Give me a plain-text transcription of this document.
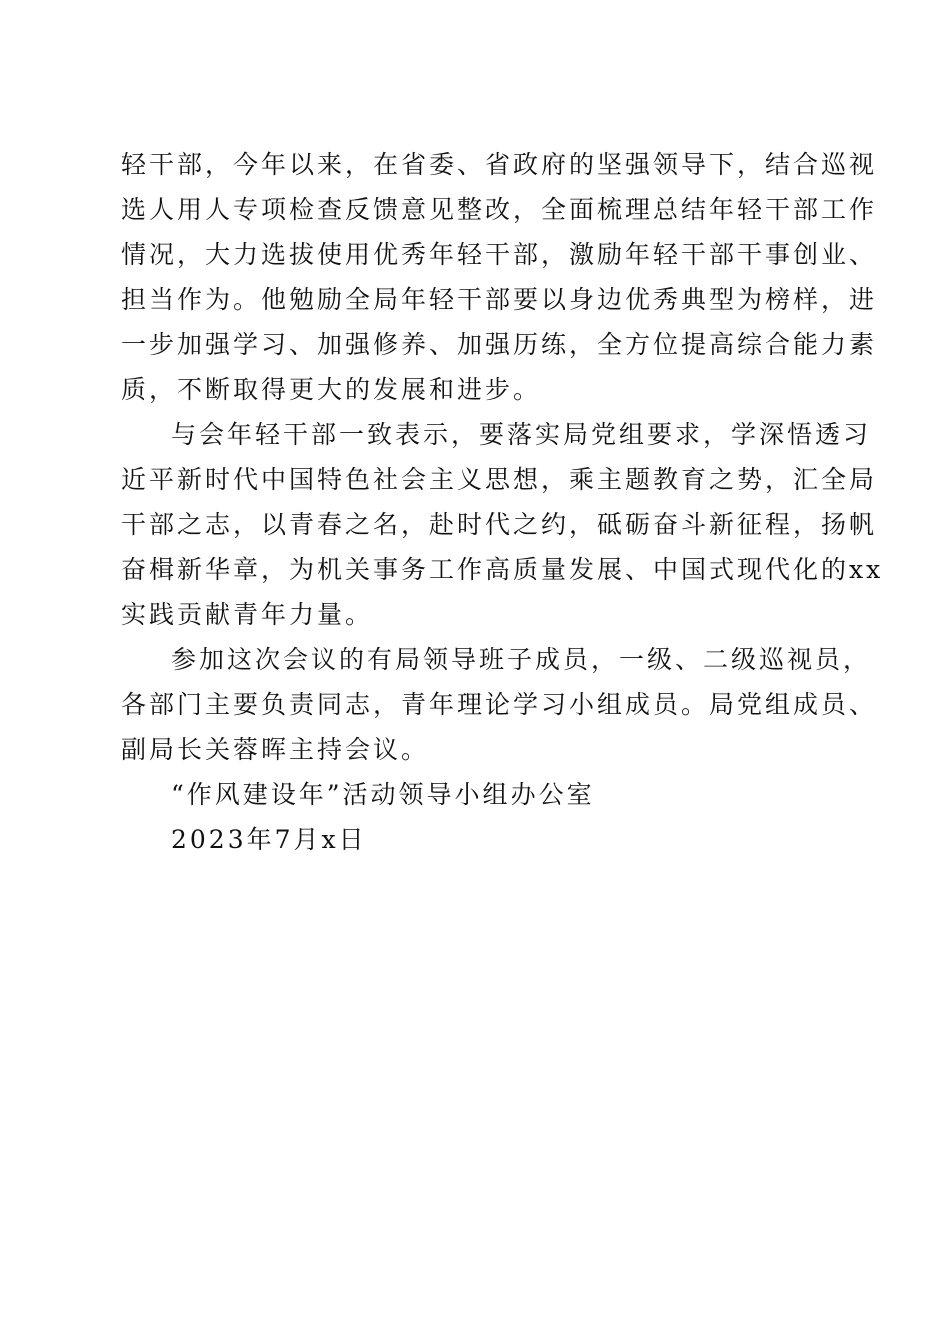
轻干部，今年以来，在省委、省政府的坚强领导下，结合巡视
选人用人专项检查反馈意见整改，全面梳理总结年轻干部工作
情况，大力选拔使用优秀年轻干部，激励年轻干部干事创业、
担当作为。他勉励全局年轻干部要以身边优秀典型为榜样，进
一步加强学习、加强修养、加强历练，全方位提高综合能力素
质，不断取得更大的发展和进步。
与会年轻干部一致表示，要落实局党组要求，学深悟透习
近平新时代中国特色社会主义思想，乘主题教育之势，汇全局
干部之志，以青春之名，赴时代之约，砥砺奋斗新征程，扬帆
奋楫新华章，为机关事务工作高质量发展、中国式现代化的xx
实践贡献青年力量。
参加这次会议的有局领导班子成员，一级、二级巡视员，
各部门主要负责同志，青年理论学习小组成员。局党组成员、
副局长关蓉晖主持会议。
“作风建设年”活动领导小组办公室
2023年7月x日
